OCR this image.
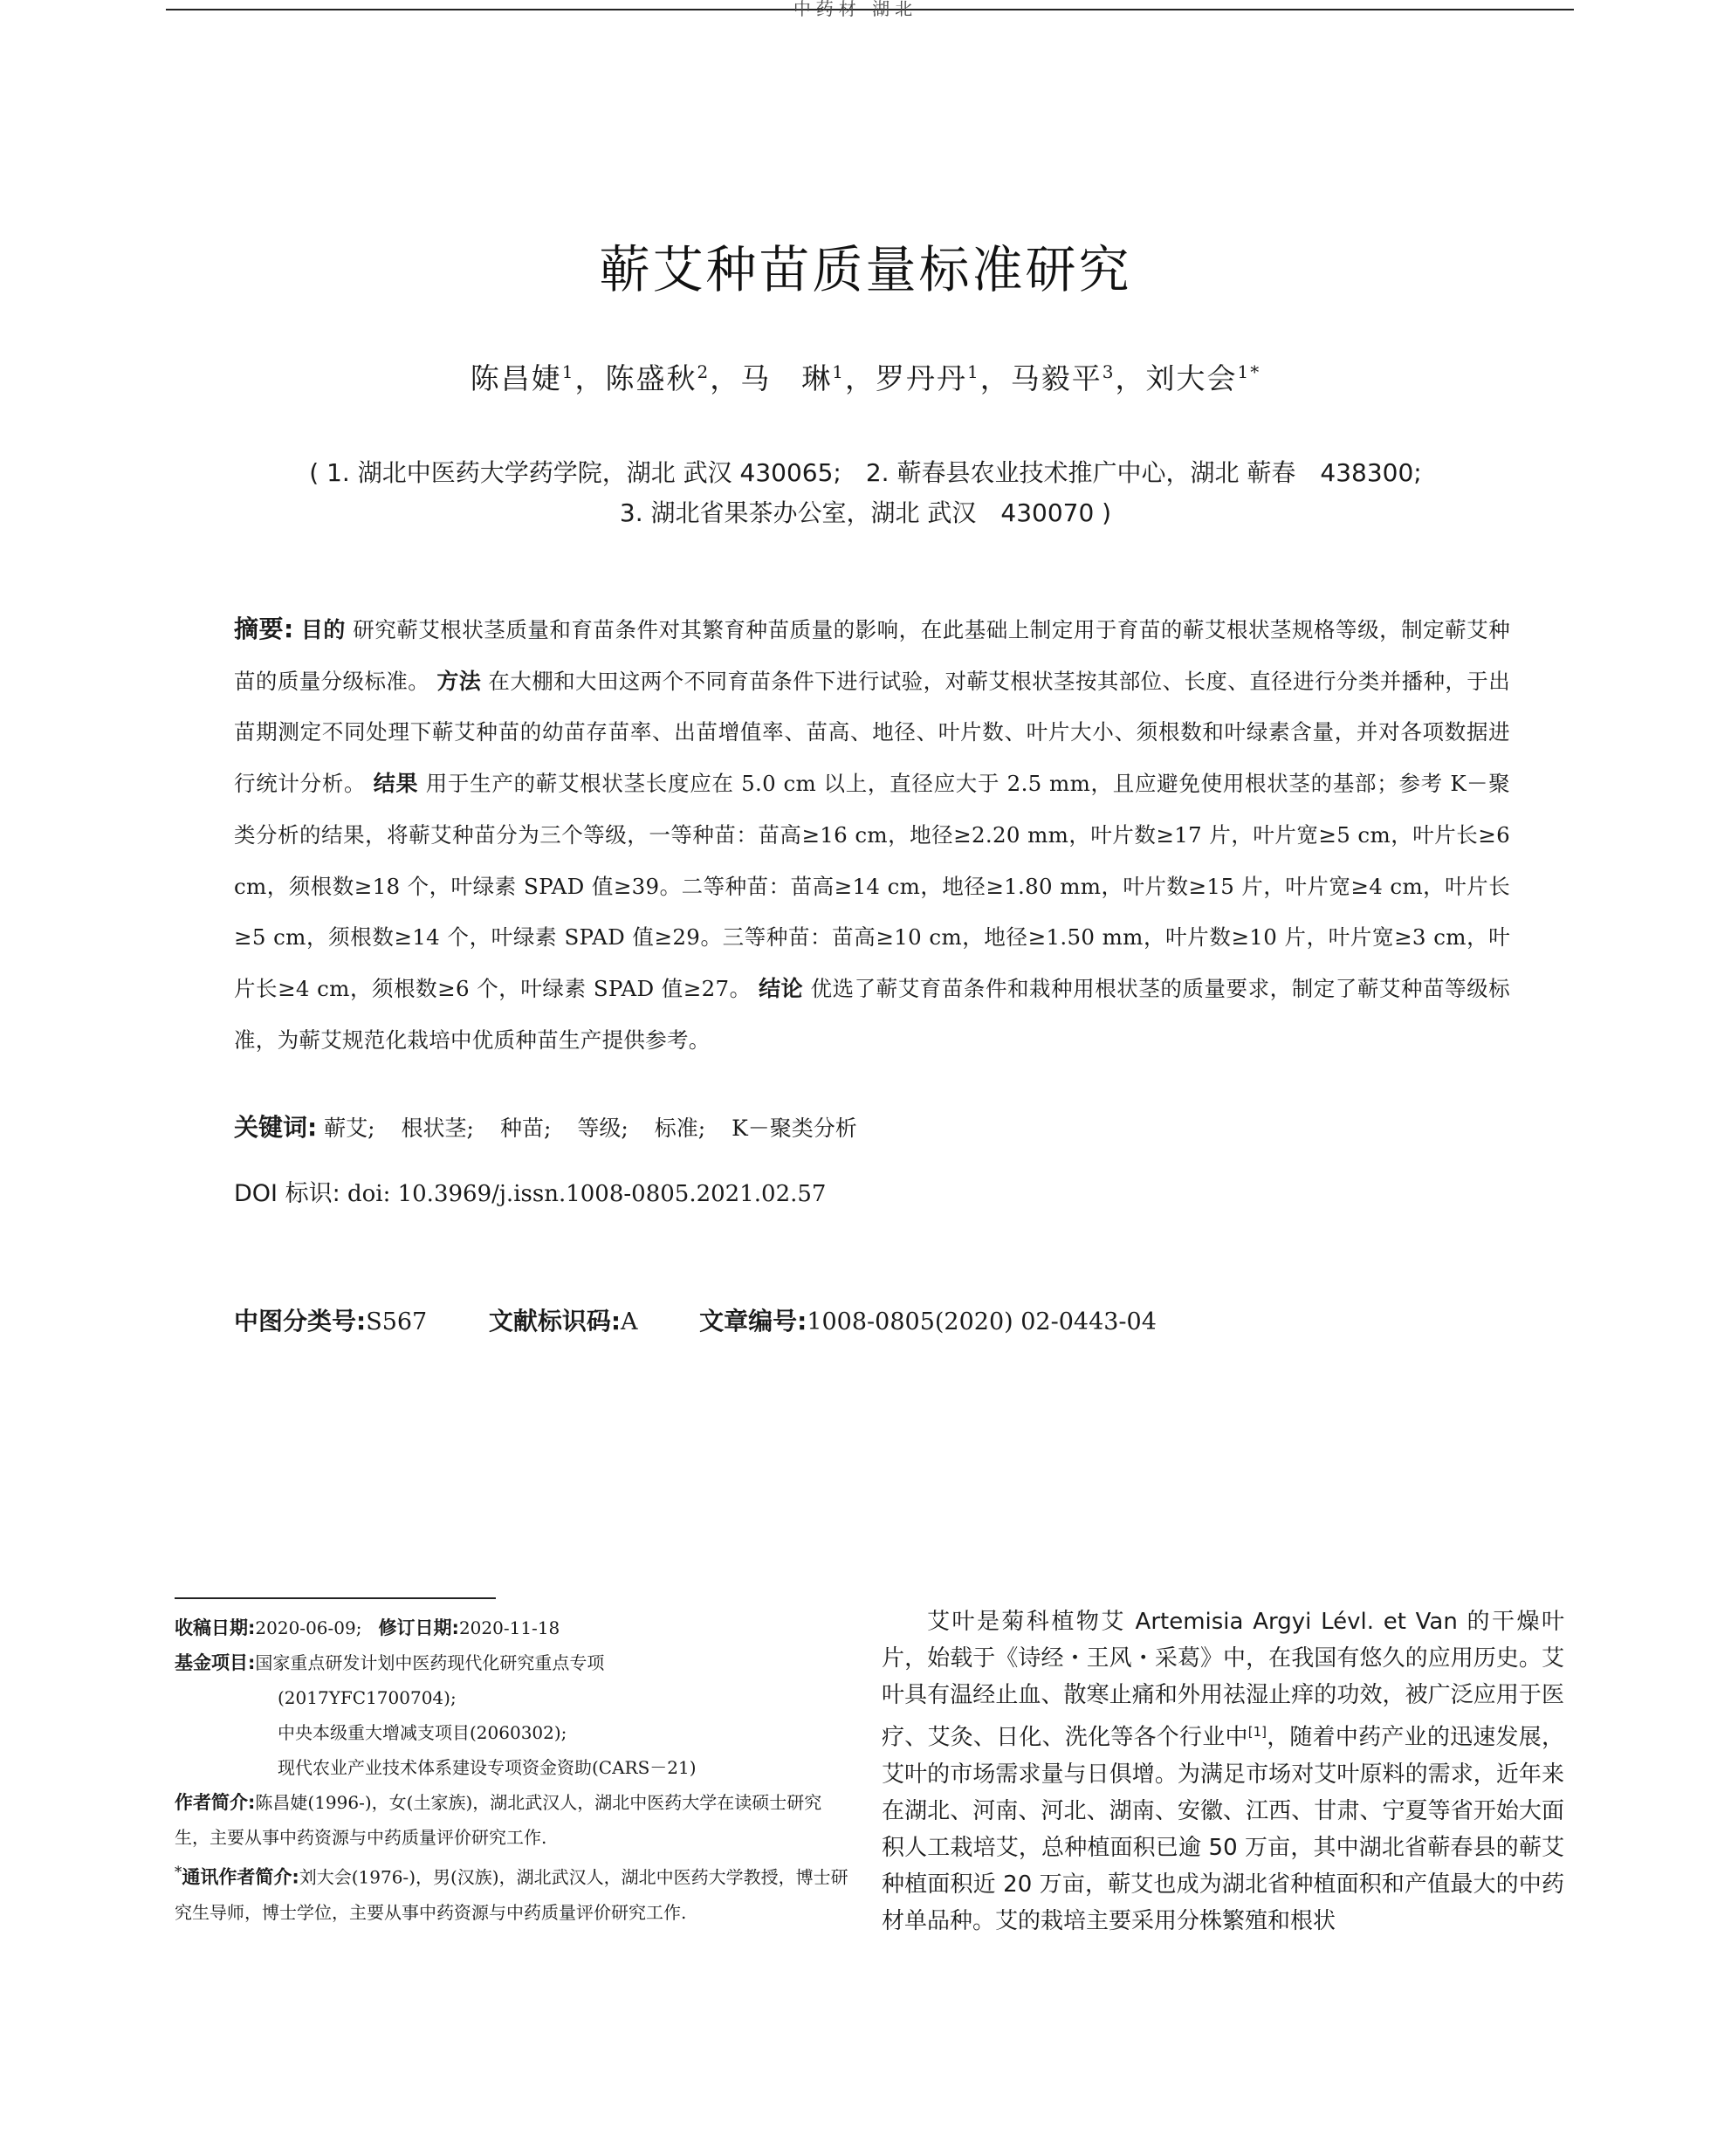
中药材 湖北
蕲艾种苗质量标准研究
陈昌婕$^1$，陈盛秋$^2$，马　琳$^1$，罗丹丹$^1$，马毅平$^3$，刘大会$^{1*}$
( 1. 湖北中医药大学药学院，湖北 武汉 430065;　2. 蕲春县农业技术推广中心，湖北 蕲春　438300;
3. 湖北省果茶办公室，湖北 武汉　430070 )
摘要: 目的 研究蕲艾根状茎质量和育苗条件对其繁育种苗质量的影响，在此基础上制定用于育苗的蕲艾根状茎规格等级，制定蕲艾种苗的质量分级标准。 方法 在大棚和大田这两个不同育苗条件下进行试验，对蕲艾根状茎按其部位、长度、直径进行分类并播种，于出苗期测定不同处理下蕲艾种苗的幼苗存苗率、出苗增值率、苗高、地径、叶片数、叶片大小、须根数和叶绿素含量，并对各项数据进行统计分析。 结果 用于生产的蕲艾根状茎长度应在 5.0 cm 以上，直径应大于 2.5 mm，且应避免使用根状茎的基部；参考 K－聚类分析的结果，将蕲艾种苗分为三个等级，一等种苗：苗高≥16 cm，地径≥2.20 mm，叶片数≥17 片，叶片宽≥5 cm，叶片长≥6 cm，须根数≥18 个，叶绿素 SPAD 值≥39。二等种苗：苗高≥14 cm，地径≥1.80 mm，叶片数≥15 片，叶片宽≥4 cm，叶片长≥5 cm，须根数≥14 个，叶绿素 SPAD 值≥29。三等种苗：苗高≥10 cm，地径≥1.50 mm，叶片数≥10 片，叶片宽≥3 cm，叶片长≥4 cm，须根数≥6 个，叶绿素 SPAD 值≥27。 结论 优选了蕲艾育苗条件和栽种用根状茎的质量要求，制定了蕲艾种苗等级标准，为蕲艾规范化栽培中优质种苗生产提供参考。
关键词: 蕲艾; 根状茎; 种苗; 等级; 标准; K－聚类分析
DOI 标识: doi: 10.3969/j.issn.1008-0805.2021.02.57
中图分类号:S567	文献标识码:A	文章编号:1008-0805(2020) 02-0443-04
收稿日期:2020-06-09; 修订日期:2020-11-18
基金项目:国家重点研发计划中医药现代化研究重点专项
(2017YFC1700704);
中央本级重大增减支项目(2060302);
现代农业产业技术体系建设专项资金资助(CARS－21)
作者简介:陈昌婕(1996-)，女(土家族)，湖北武汉人，湖北中医药大学在读硕士研究生，主要从事中药资源与中药质量评价研究工作.
*通讯作者简介:刘大会(1976-)，男(汉族)，湖北武汉人，湖北中医药大学教授，博士研究生导师，博士学位，主要从事中药资源与中药质量评价研究工作.

艾叶是菊科植物艾 Artemisia Argyi Lévl. et Van 的干燥叶片，始载于《诗经・王风・采葛》中，在我国有悠久的应用历史。艾叶具有温经止血、散寒止痛和外用祛湿止痒的功效，被广泛应用于医疗、艾灸、日化、洗化等各个行业中[1]，随着中药产业的迅速发展，艾叶的市场需求量与日俱增。为满足市场对艾叶原料的需求，近年来在湖北、河南、河北、湖南、安徽、江西、甘肃、宁夏等省开始大面积人工栽培艾，总种植面积已逾 50 万亩，其中湖北省蕲春县的蕲艾种植面积近 20 万亩，蕲艾也成为湖北省种植面积和产值最大的中药材单品种。艾的栽培主要采用分株繁殖和根状
